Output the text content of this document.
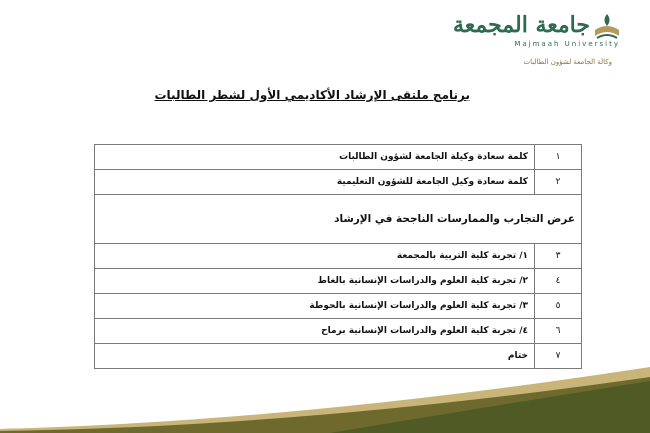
جامعة المجمعة
Majmaah University
وكالة الجامعة لشؤون الطالبات
برنامج ملتقى الإرشاد الأكاديمي الأول لشطر الطالبات
١	كلمة سعادة وكيلة الجامعة لشؤون الطالبات
٢	كلمة سعادة وكيل الجامعة للشؤون التعليمية
عرض التجارب والممارسات الناجحة في الإرشاد	
٣	١/ تجربة كلية التربية بالمجمعة
٤	٢/ تجربة كلية العلوم والدراسات الإنسانية بالغاط
٥	٣/ تجربة كلية العلوم والدراسات الإنسانية بالحوطة
٦	٤/ تجربة كلية العلوم والدراسات الإنسانية برماح
٧	ختام
